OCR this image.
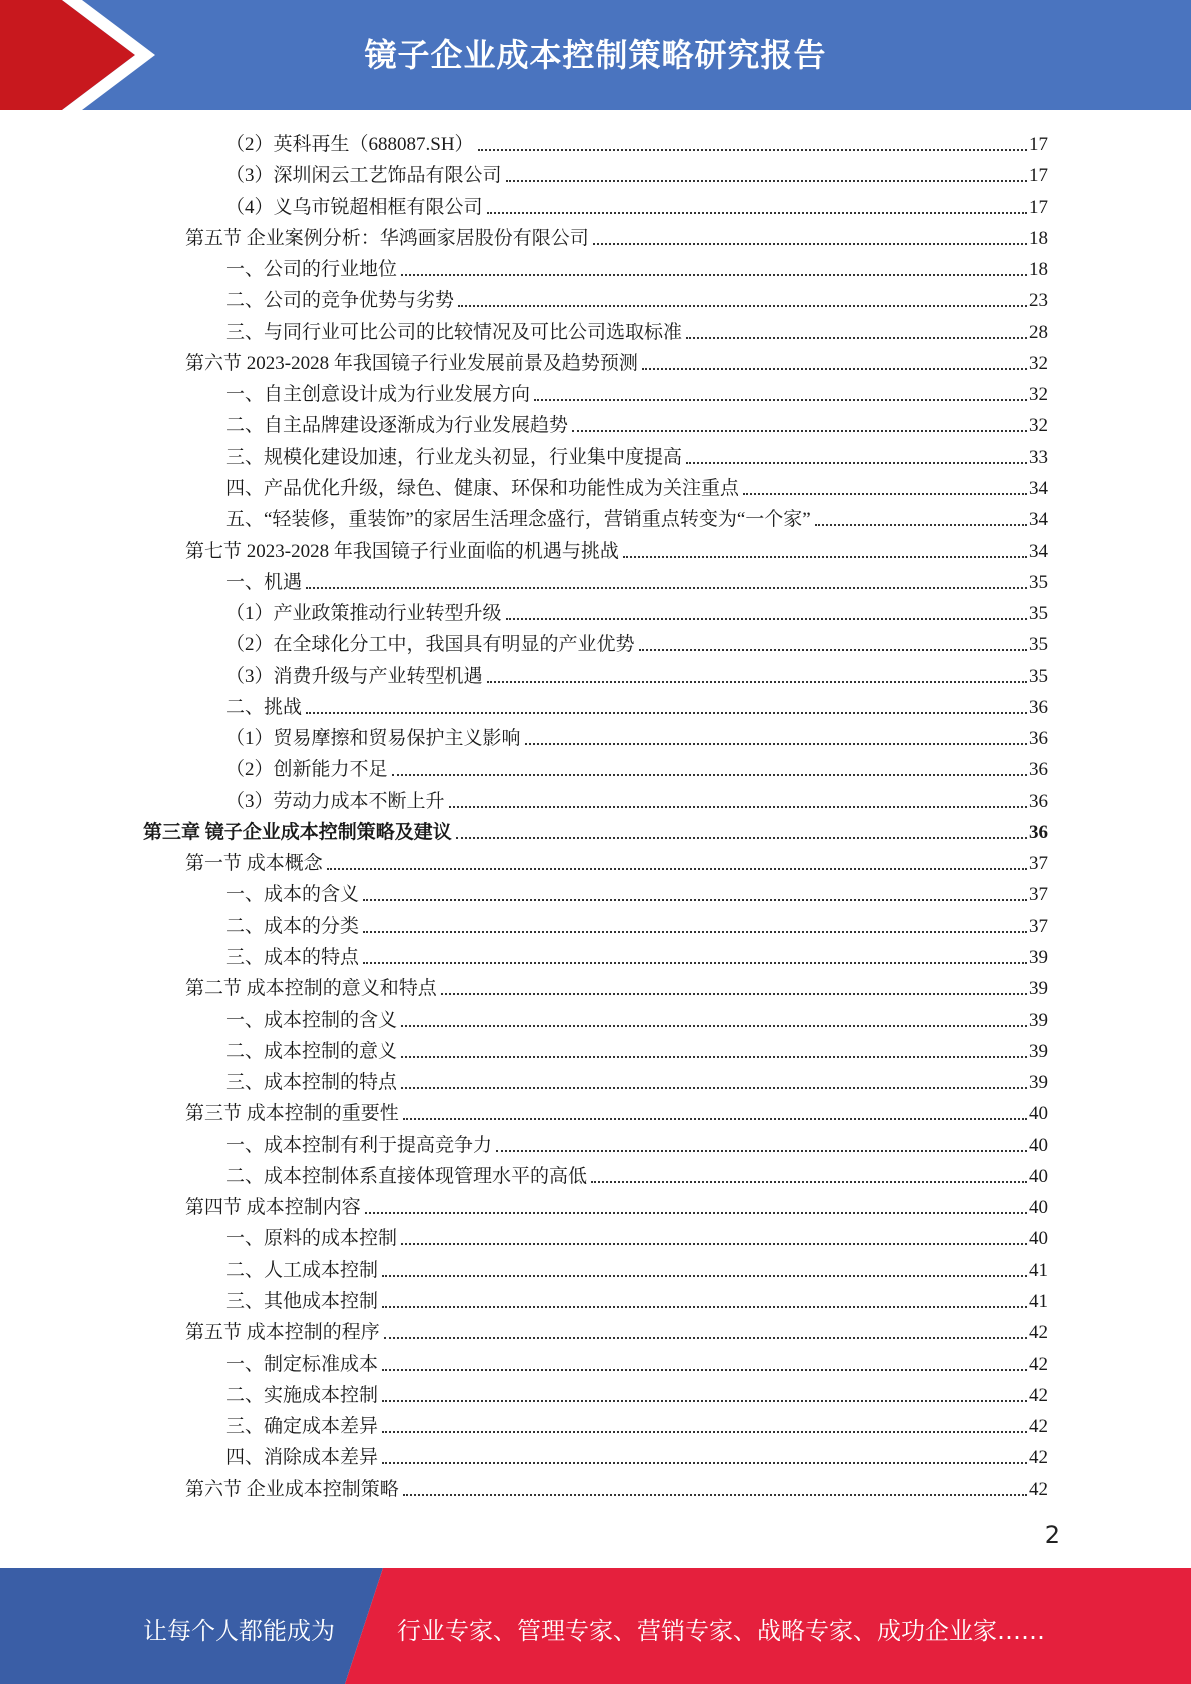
镜子企业成本控制策略研究报告
（2）英科再生（688087.SH）	17
（3）深圳闲云工艺饰品有限公司	17
（4）义乌市锐超相框有限公司	17
第五节 企业案例分析：华鸿画家居股份有限公司	18
一、公司的行业地位	18
二、公司的竞争优势与劣势	23
三、与同行业可比公司的比较情况及可比公司选取标准	28
第六节 2023-2028 年我国镜子行业发展前景及趋势预测	32
一、自主创意设计成为行业发展方向	32
二、自主品牌建设逐渐成为行业发展趋势	32
三、规模化建设加速，行业龙头初显，行业集中度提高	33
四、产品优化升级，绿色、健康、环保和功能性成为关注重点	34
五、“轻装修，重装饰”的家居生活理念盛行，营销重点转变为“一个家”	34
第七节 2023-2028 年我国镜子行业面临的机遇与挑战	34
一、机遇	35
（1）产业政策推动行业转型升级	35
（2）在全球化分工中，我国具有明显的产业优势	35
（3）消费升级与产业转型机遇	35
二、挑战	36
（1）贸易摩擦和贸易保护主义影响	36
（2）创新能力不足	36
（3）劳动力成本不断上升	36
第三章 镜子企业成本控制策略及建议	36
第一节 成本概念	37
一、成本的含义	37
二、成本的分类	37
三、成本的特点	39
第二节 成本控制的意义和特点	39
一、成本控制的含义	39
二、成本控制的意义	39
三、成本控制的特点	39
第三节 成本控制的重要性	40
一、成本控制有利于提高竞争力	40
二、成本控制体系直接体现管理水平的高低	40
第四节 成本控制内容	40
一、原料的成本控制	40
二、人工成本控制	41
三、其他成本控制	41
第五节 成本控制的程序	42
一、制定标准成本	42
二、实施成本控制	42
三、确定成本差异	42
四、消除成本差异	42
第六节 企业成本控制策略	42
2
让每个人都能成为	行业专家、管理专家、营销专家、战略专家、成功企业家……
